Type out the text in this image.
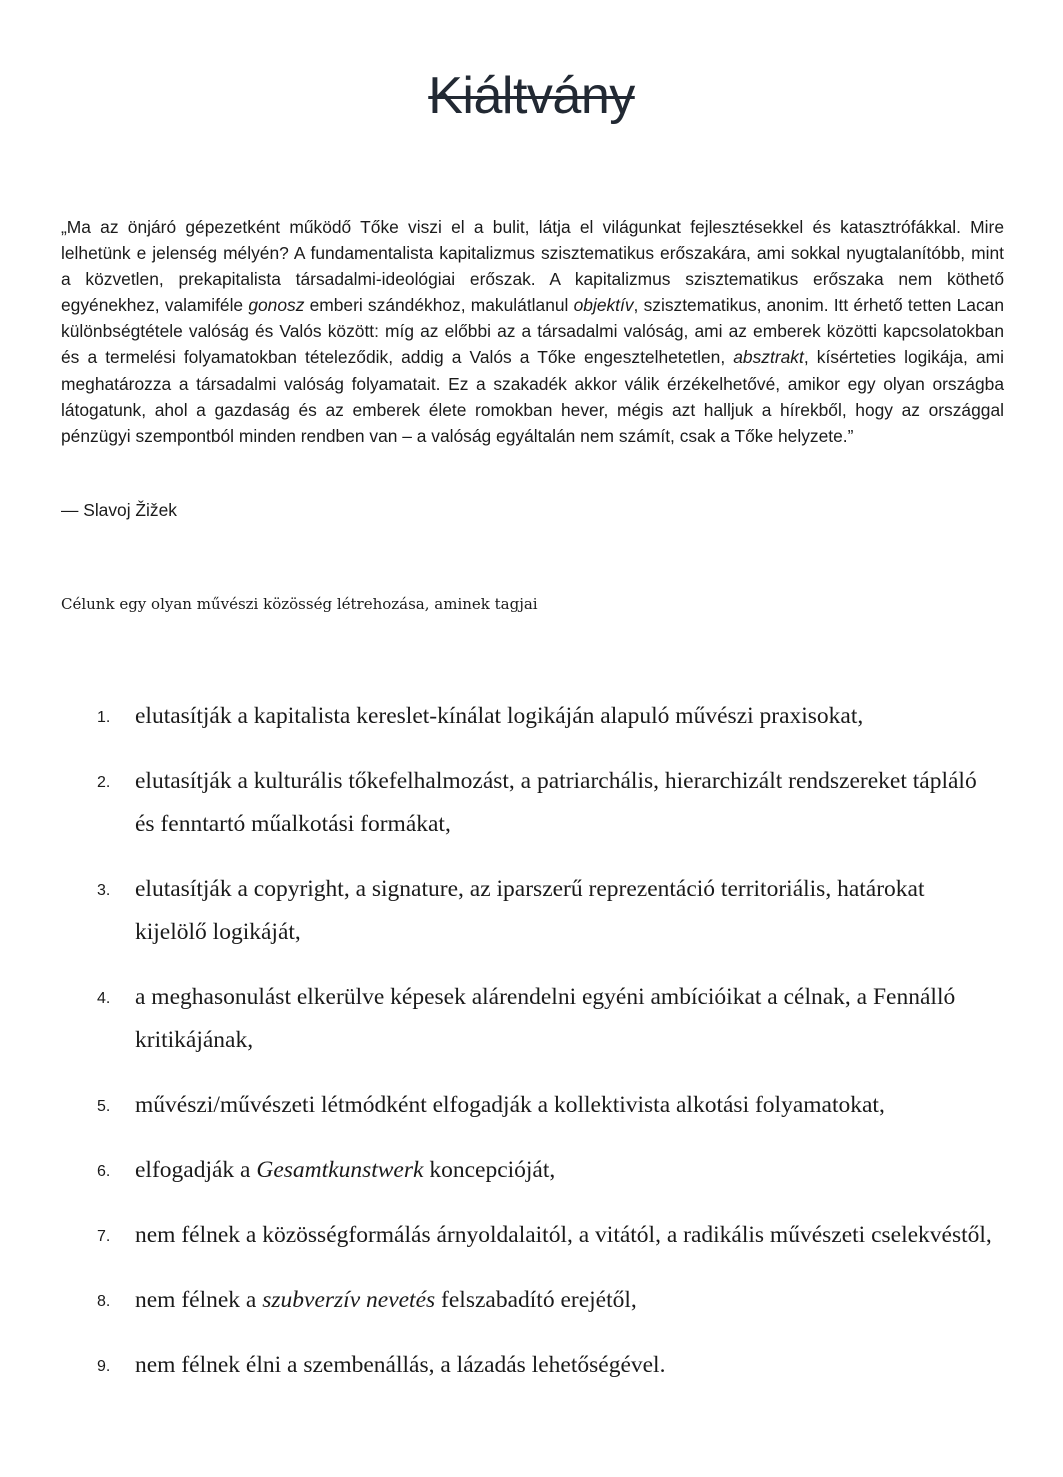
Kiáltvány

„Ma az önjáró gépezetként működő Tőke viszi el a bulit, látja el világunkat fejlesztésekkel és katasztrófákkal. Mire lelhetünk e jelenség mélyén? A fundamentalista kapitalizmus szisztematikus erőszakára, ami sokkal nyugtalanítóbb, mint a közvetlen, prekapitalista társadalmi-ideológiai erőszak. A kapitalizmus szisztematikus erőszaka nem köthető egyénekhez, valamiféle gonosz emberi szándékhoz, makulátlanul objektív, szisztematikus, anonim. Itt érhető tetten Lacan különbségtétele valóság és Valós között: míg az előbbi az a társadalmi valóság, ami az emberek közötti kapcsolatokban és a termelési folyamatokban tételeződik, addig a Valós a Tőke engesztelhetetlen, absztrakt, kísérteties logikája, ami meghatározza a társadalmi valóság folyamatait. Ez a szakadék akkor válik érzékelhetővé, amikor egy olyan országba látogatunk, ahol a gazdaság és az emberek élete romokban hever, mégis azt halljuk a hírekből, hogy az országgal pénzügyi szempontból minden rendben van – a valóság egyáltalán nem számít, csak a Tőke helyzete.”

— Slavoj Žižek

Célunk egy olyan művészi közösség létrehozása, aminek tagjai

1. elutasítják a kapitalista kereslet-kínálat logikáján alapuló művészi praxisokat,
2. elutasítják a kulturális tőkefelhalmozást, a patriarchális, hierarchizált rendszereket tápláló és fenntartó műalkotási formákat,
3. elutasítják a copyright, a signature, az iparszerű reprezentáció territoriális, határokat kijelölő logikáját,
4. a meghasonulást elkerülve képesek alárendelni egyéni ambícióikat a célnak, a Fennálló kritikájának,
5. művészi/művészeti létmódként elfogadják a kollektivista alkotási folyamatokat,
6. elfogadják a Gesamtkunstwerk koncepcióját,
7. nem félnek a közösségformálás árnyoldalaitól, a vitától, a radikális művészeti cselekvéstől,
8. nem félnek a szubverzív nevetés felszabadító erejétől,
9. nem félnek élni a szembenállás, a lázadás lehetőségével.
